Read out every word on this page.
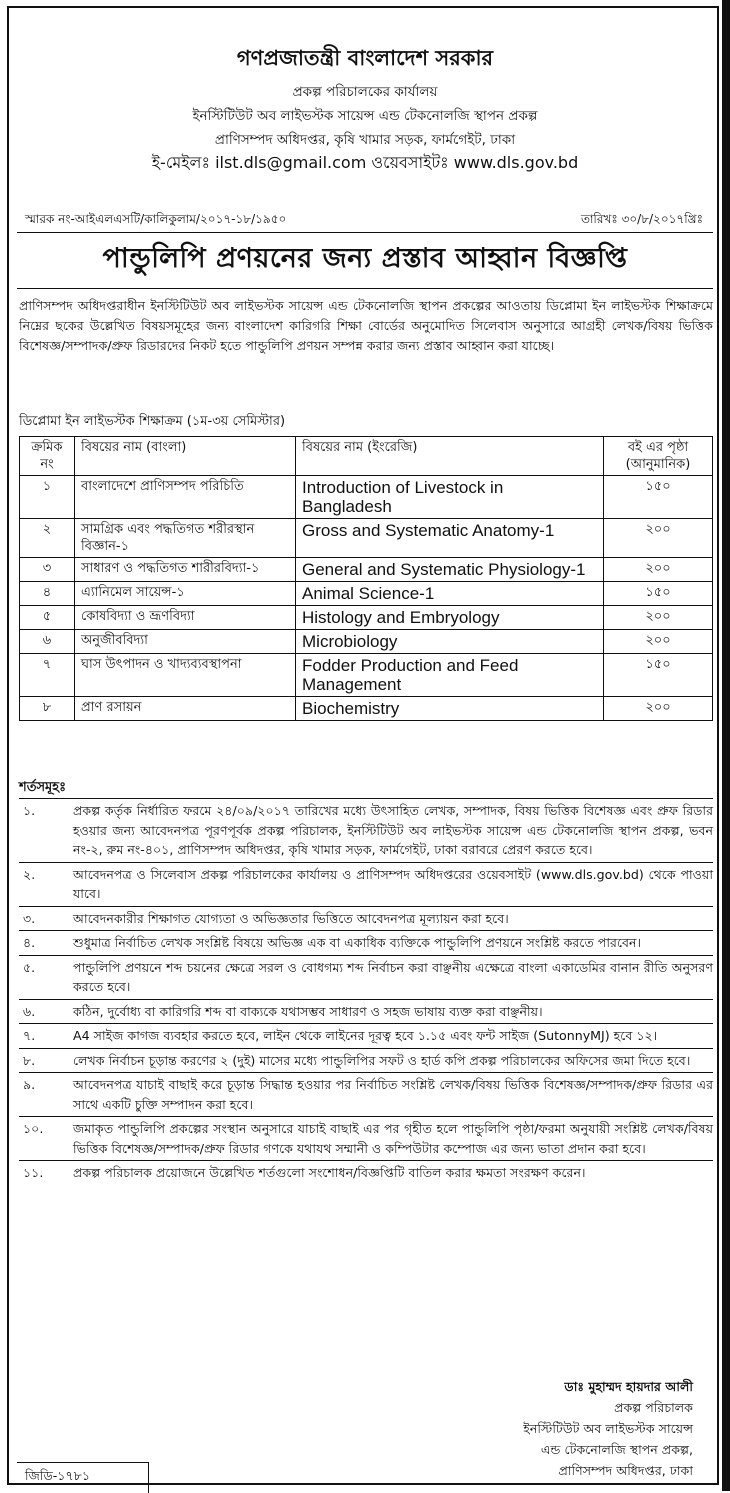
গণপ্রজাতন্ত্রী বাংলাদেশ সরকার
প্রকল্প পরিচালকের কার্যালয়
ইনস্টিটিউট অব লাইভস্টক সায়েন্স এন্ড টেকনোলজি স্থাপন প্রকল্প
প্রাণিসম্পদ অধিদপ্তর, কৃষি খামার সড়ক, ফার্মগেইট, ঢাকা
ই-মেইলঃ ilst.dls@gmail.com ওয়েবসাইটঃ www.dls.gov.bd
স্মারক নং-আইএলএসটি/কালিকুলাম/২০১৭-১৮/১৯৫০	তারিখঃ ৩০/৮/২০১৭খ্রিঃ
পান্ডুলিপি প্রণয়নের জন্য প্রস্তাব আহ্বান বিজ্ঞপ্তি
প্রাণিসম্পদ অধিদপ্তরাধীন ইনস্টিটিউট অব লাইভস্টক সায়েন্স এন্ড টেকনোলজি স্থাপন প্রকল্পের আওতায় ডিপ্লোমা ইন লাইভস্টক শিক্ষাক্রমে নিম্নের ছকের উল্লেখিত বিষয়সমূহের জন্য বাংলাদেশ কারিগরি শিক্ষা বোর্ডের অনুমোদিত সিলেবাস অনুসারে আগ্রহী লেখক/বিষয় ভিত্তিক বিশেষজ্ঞ/সম্পাদক/প্রুফ রিডারদের নিকট হতে পান্ডুলিপি প্রণয়ন সম্পন্ন করার জন্য প্রস্তাব আহ্বান করা যাচ্ছে।
ডিপ্লোমা ইন লাইভস্টক শিক্ষাক্রম (১ম-৩য় সেমিস্টার)
ক্রমিক নং	বিষয়ের নাম (বাংলা)	বিষয়ের নাম (ইংরেজি)	বই এর পৃষ্ঠা (আনুমানিক)
১	বাংলাদেশে প্রাণিসম্পদ পরিচিতি	Introduction of Livestock in Bangladesh	১৫০
২	সামগ্রিক এবং পদ্ধতিগত শরীরস্থান বিজ্ঞান-১	Gross and Systematic Anatomy-1	২০০
৩	সাধারণ ও পদ্ধতিগত শারীরবিদ্যা-১	General and Systematic Physiology-1	২০০
৪	এ্যানিমেল সায়েন্স-১	Animal Science-1	১৫০
৫	কোষবিদ্যা ও ভ্রূণবিদ্যা	Histology and Embryology	২০০
৬	অনুজীববিদ্যা	Microbiology	২০০
৭	ঘাস উৎপাদন ও খাদ্যব্যবস্থাপনা	Fodder Production and Feed Management	১৫০
৮	প্রাণ রসায়ন	Biochemistry	২০০
শর্তসমূহঃ
১.	প্রকল্প কর্তৃক নির্ধারিত ফরমে ২৪/০৯/২০১৭ তারিখের মধ্যে উৎসাহিত লেখক, সম্পাদক, বিষয় ভিত্তিক বিশেষজ্ঞ এবং প্রুফ রিডার হওয়ার জন্য আবেদনপত্র পূরণপূর্বক প্রকল্প পরিচালক, ইনস্টিটিউট অব লাইভস্টক সায়েন্স এন্ড টেকনোলজি স্থাপন প্রকল্প, ভবন নং-২, রুম নং-৪০১, প্রাণিসম্পদ অধিদপ্তর, কৃষি খামার সড়ক, ফার্মগেইট, ঢাকা বরাবরে প্রেরণ করতে হবে।
২.	আবেদনপত্র ও সিলেবাস প্রকল্প পরিচালকের কার্যালয় ও প্রাণিসম্পদ অধিদপ্তরের ওয়েবসাইট (www.dls.gov.bd) থেকে পাওয়া যাবে।
৩.	আবেদনকারীর শিক্ষাগত যোগ্যতা ও অভিজ্ঞতার ভিত্তিতে আবেদনপত্র মূল্যায়ন করা হবে।
৪.	শুধুমাত্র নির্বাচিত লেখক সংশ্লিষ্ট বিষয়ে অভিজ্ঞ এক বা একাধিক ব্যক্তিকে পান্ডুলিপি প্রণয়নে সংশ্লিষ্ট করতে পারবেন।
৫.	পান্ডুলিপি প্রণয়নে শব্দ চয়নের ক্ষেত্রে সরল ও বোধগম্য শব্দ নির্বাচন করা বাঞ্ছনীয় এক্ষেত্রে বাংলা একাডেমির বানান রীতি অনুসরণ করতে হবে।
৬.	কঠিন, দুর্বোধ্য বা কারিগরি শব্দ বা বাক্যকে যথাসম্ভব সাধারণ ও সহজ ভাষায় ব্যক্ত করা বাঞ্ছনীয়।
৭.	A4 সাইজ কাগজ ব্যবহার করতে হবে, লাইন থেকে লাইনের দূরত্ব হবে ১.১৫ এবং ফন্ট সাইজ (SutonnyMJ) হবে ১২।
৮.	লেখক নির্বাচন চূড়ান্ত করণের ২ (দুই) মাসের মধ্যে পান্ডুলিপির সফট ও হার্ড কপি প্রকল্প পরিচালকের অফিসের জমা দিতে হবে।
৯.	আবেদনপত্র যাচাই বাছাই করে চূড়ান্ত সিদ্ধান্ত হওয়ার পর নির্বাচিত সংশ্লিষ্ট লেখক/বিষয় ভিত্তিক বিশেষজ্ঞ/সম্পাদক/প্রুফ রিডার এর সাথে একটি চুক্তি সম্পাদন করা হবে।
১০.	জমাকৃত পান্ডুলিপি প্রকল্পের সংস্থান অনুসারে যাচাই বাছাই এর পর গৃহীত হলে পান্ডুলিপি পৃষ্ঠা/ফরমা অনুযায়ী সংশ্লিষ্ট লেখক/বিষয় ভিত্তিক বিশেষজ্ঞ/সম্পাদক/প্রুফ রিডার গণকে যথাযথ সম্মানী ও কম্পিউটার কম্পোজ এর জন্য ভাতা প্রদান করা হবে।
১১.	প্রকল্প পরিচালক প্রয়োজনে উল্লেখিত শর্তগুলো সংশোধন/বিজ্ঞপ্তিটি বাতিল করার ক্ষমতা সংরক্ষণ করেন।
ডাঃ মুহাম্মদ হায়দার আলী
প্রকল্প পরিচালক
ইনস্টিটিউট অব লাইভস্টক সায়েন্স
এন্ড টেকনোলজি স্থাপন প্রকল্প,
প্রাণিসম্পদ অধিদপ্তর, ঢাকা
জিডি-১৭৮১
